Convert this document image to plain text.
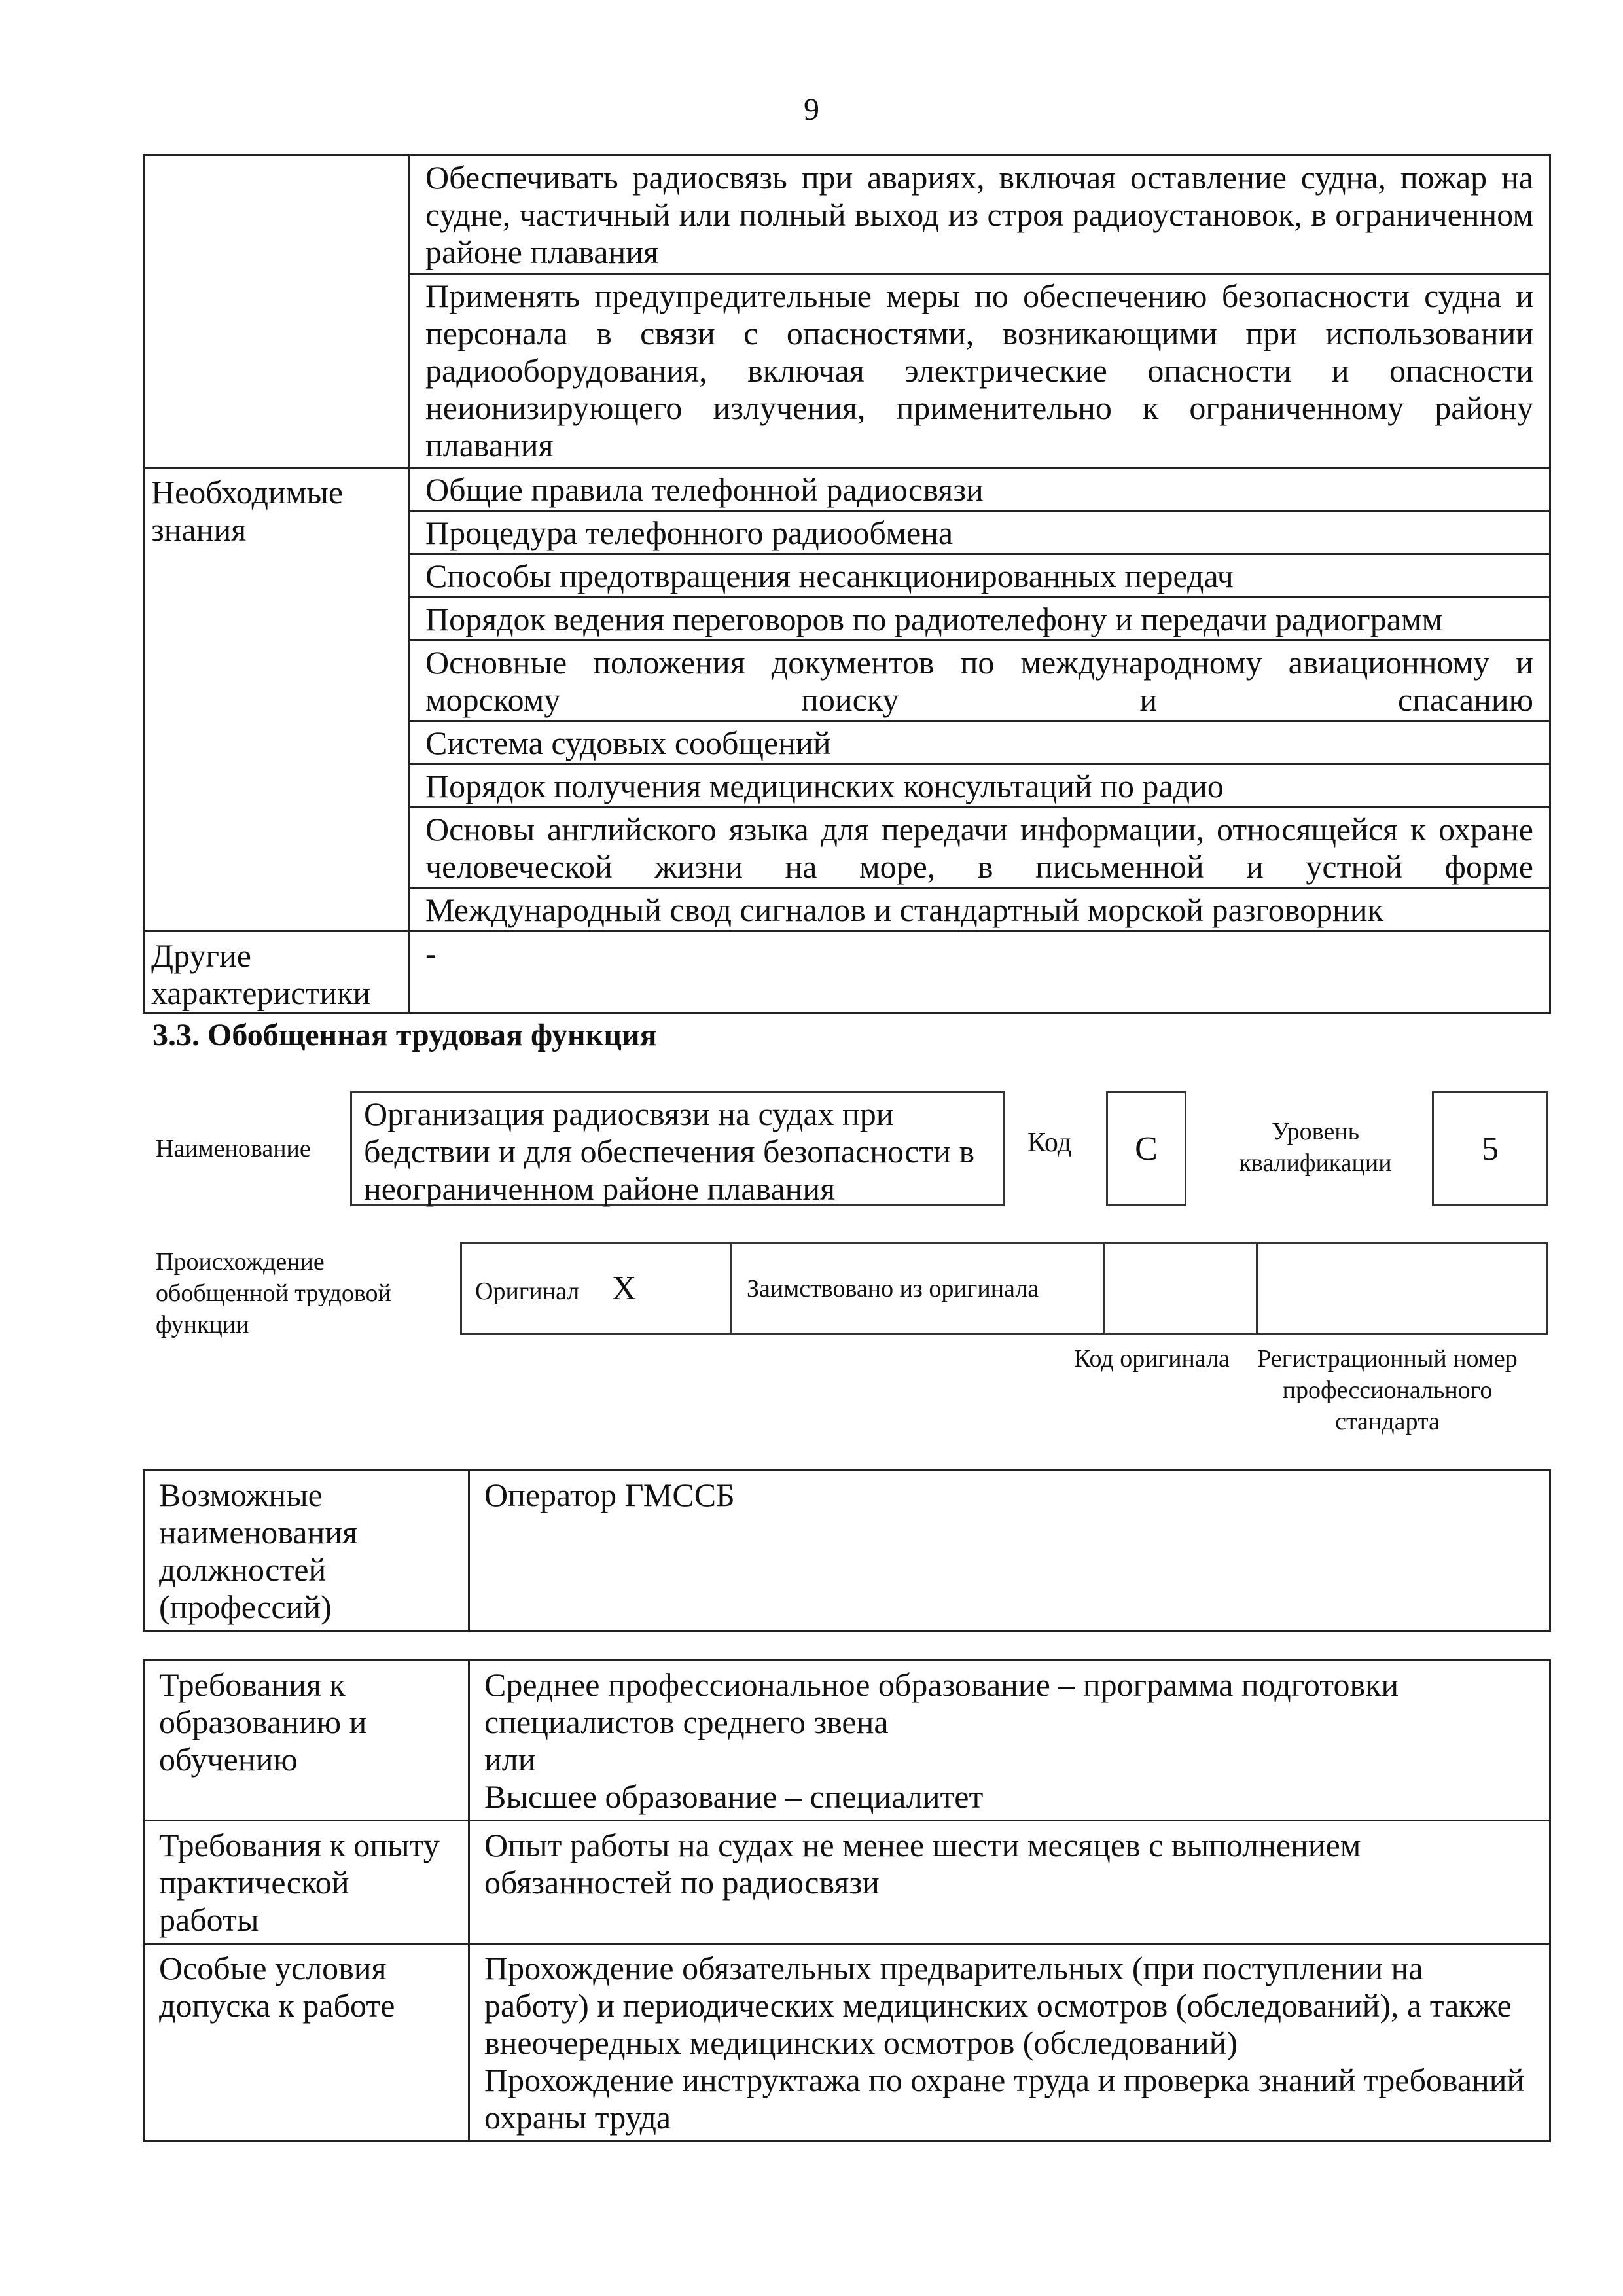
9
	Обеспечивать радиосвязь при авариях, включая оставление судна, пожар на судне, частичный или полный выход из строя радиоустановок, в ограниченном районе плавания
	Применять предупредительные меры по обеспечению безопасности судна и персонала в связи с опасностями, возникающими при использовании радиооборудования, включая электрические опасности и опасности неионизирующего излучения, применительно к ограниченному району плавания
Необходимые знания	Общие правила телефонной радиосвязи
	Процедура телефонного радиообмена
	Способы предотвращения несанкционированных передач
	Порядок ведения переговоров по радиотелефону и передачи радиограмм
	Основные положения документов по международному авиационному и морскому поиску и спасанию
	Система судовых сообщений
	Порядок получения медицинских консультаций по радио
	Основы английского языка для передачи информации, относящейся к охране человеческой жизни на море, в письменной и устной форме
	Международный свод сигналов и стандартный морской разговорник
Другие характеристики	-
3.3. Обобщенная трудовая функция
Наименование
Организация радиосвязи на судах при бедствии и для обеспечения безопасности в неограниченном районе плавания
Код	С	Уровень квалификации	5
Происхождение обобщенной трудовой функции
Оригинал X	Заимствовано из оригинала		
Код оригинала	Регистрационный номер профессионального стандарта
Возможные наименования должностей (профессий)	Оператор ГМССБ
Требования к образованию и обучению	Среднее профессиональное образование – программа подготовки специалистов среднего звена
или
Высшее образование – специалитет

Требования к опыту практической работы	Опыт работы на судах не менее шести месяцев с выполнением обязанностей по радиосвязи
Особые условия допуска к работе	Прохождение обязательных предварительных (при поступлении на работу) и периодических медицинских осмотров (обследований), а также внеочередных медицинских осмотров (обследований)
Прохождение инструктажа по охране труда и проверка знаний требований охраны труда
